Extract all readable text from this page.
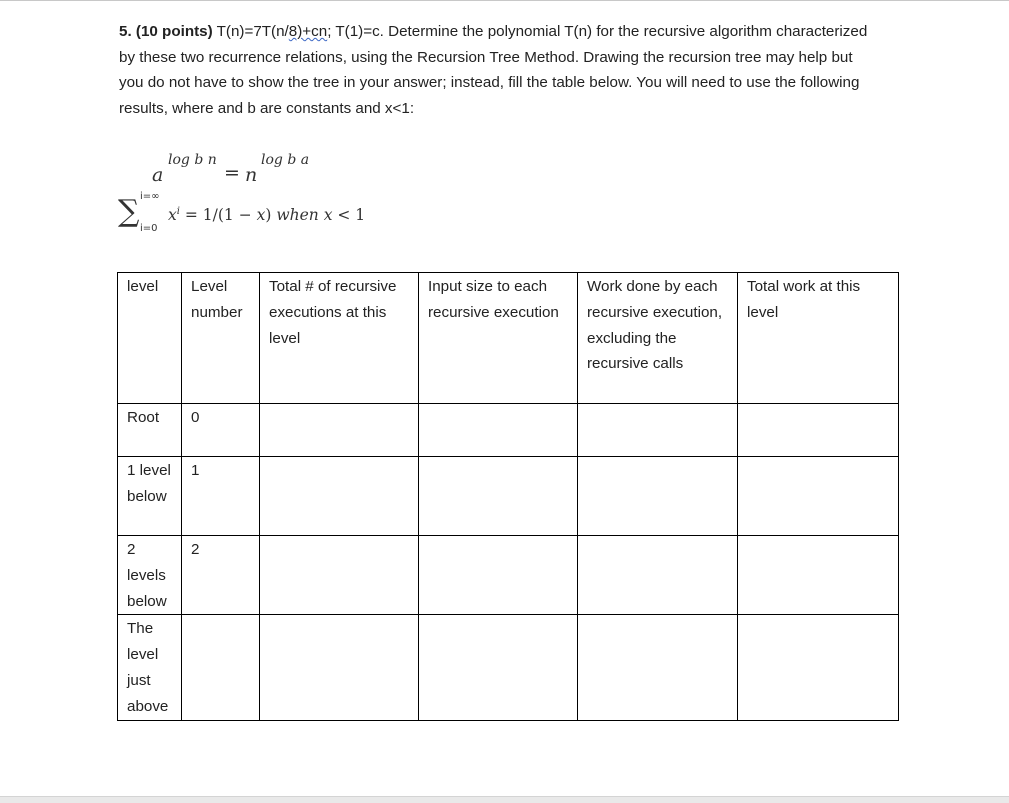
5. (10 points) T(n)=7T(n/8)+cn; T(1)=c. Determine the polynomial T(n) for the recursive algorithm characterized by these two recurrence relations, using the Recursion Tree Method. Drawing the recursion tree may help but you do not have to show the tree in your answer; instead, fill the table below. You will need to use the following results, where and b are constants and x<1:
a
log b n
= n
log b a
∑ i=∞
i=0
$x^i = 1/(1 - x)$ when x < 1
level	Level number	Total # of recursive executions at this level	Input size to each recursive execution	Work done by each recursive execution, excluding the recursive calls	Total work at this level
Root	0				
1 level below	1				
2 levels below	2				
The level just above					
